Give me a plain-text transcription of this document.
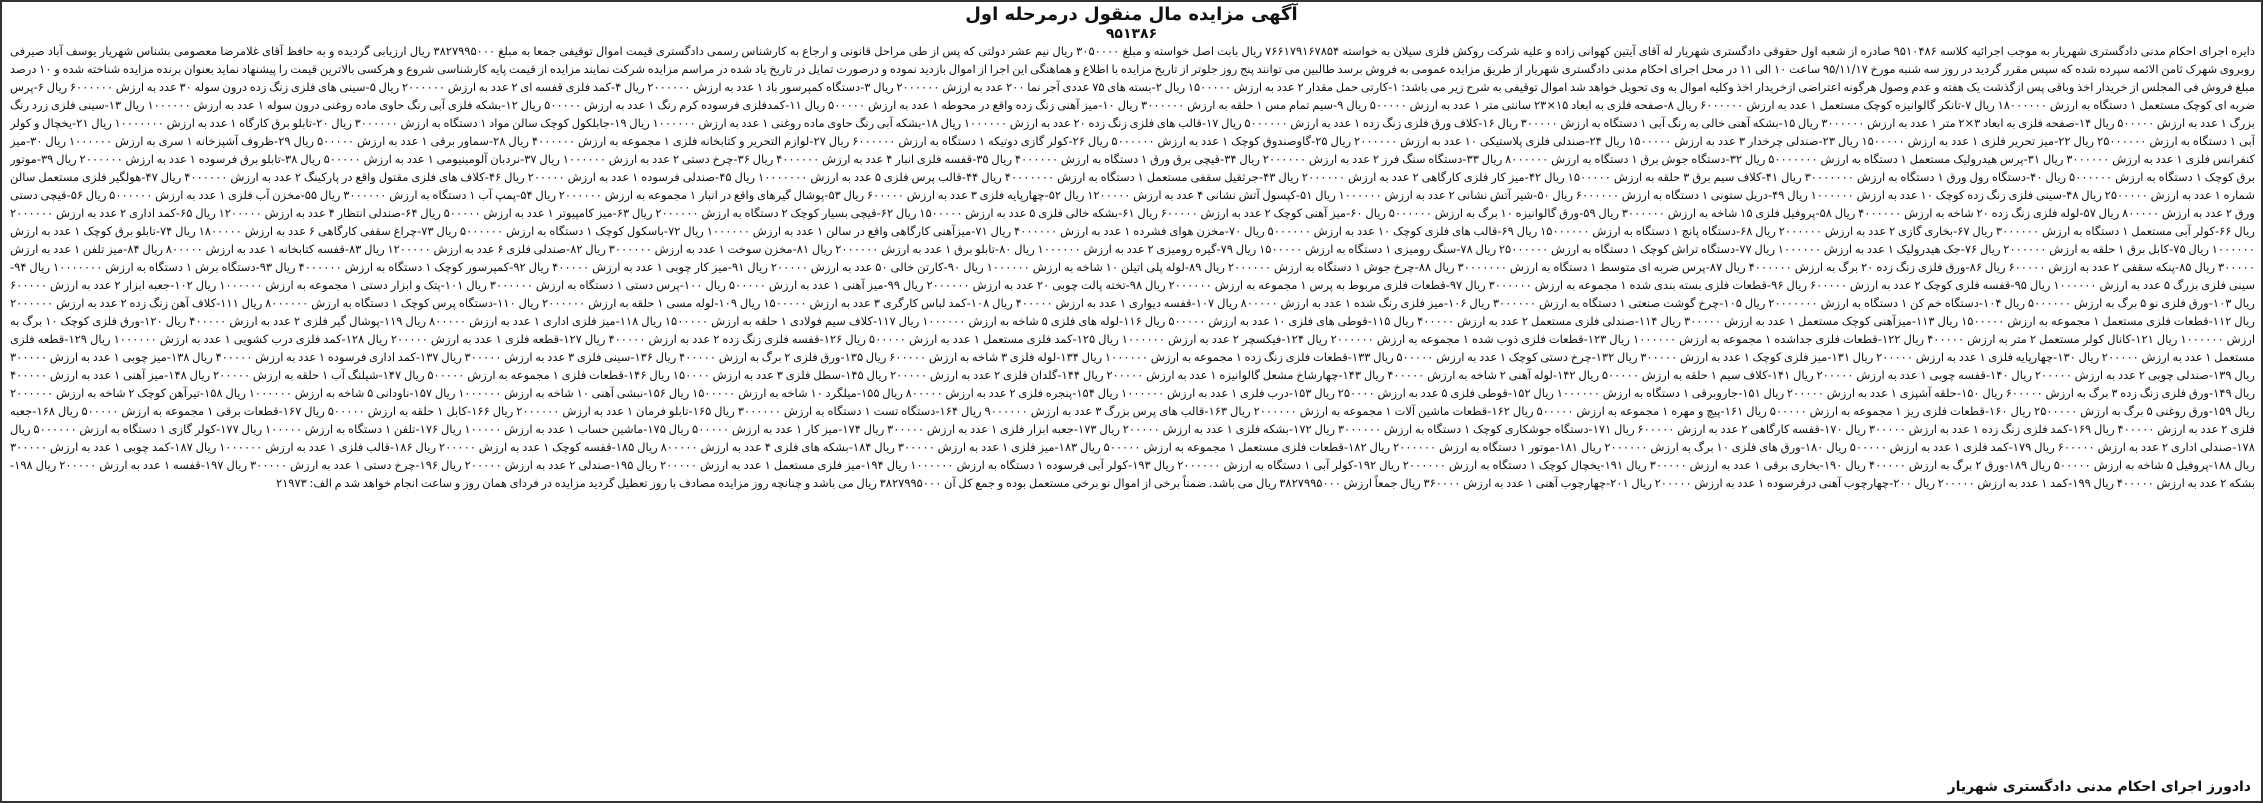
آگهی مزایده مال منقول درمرحله اول
۹۵۱۳۸۶
دایره اجرای احکام مدنی دادگستری شهریار به موجب اجرائیه کلاسه ۹۵۱۰۴۸۶ صادره از شعبه اول حقوقی دادگستری شهریار له آقای آیتین کهوانی زاده و علیه شرکت روکش فلزی سیلان به خواسته ۷۶۶۱۷۹۱۶۷۸۵۴ ریال بابت اصل خواسته و مبلغ ۳۰۵۰۰۰۰ ریال نیم عشر دولتی که پس از طی مراحل قانونی و ارجاع به کارشناس رسمی دادگستری قیمت اموال توقیفی جمعا به مبلغ ۳۸۲۷۹۹۵۰۰۰ ریال ارزیابی گردیده و به حافظ آقای غلامرضا معصومی بشناس شهریار یوسف آباد صیرفی روبروی شهرک ثامن الائمه سپرده شده که سپس مقرر گردید در روز سه شنبه مورخ ۹۵/۱۱/۱۷ ساعت ۱۰ الی ۱۱ در محل اجرای احکام مدنی دادگستری شهریار از طریق مزایده عمومی به فروش برسد طالبین می توانند پنج روز جلوتر از تاریخ مزایده با اطلاع و هماهنگی این اجرا از اموال بازدید نموده و درصورت تمایل در تاریخ یاد شده در مراسم مزایده شرکت نمایند مزایده از قیمت پایه کارشناسی شروع و هرکسی بالاترین قیمت را پیشنهاد نماید بعنوان برنده مزایده شناخته شده و ۱۰ درصد مبلغ فروش فی المجلس از خریدار اخذ وباقی پس ازگذشت یک هفته و عدم وصول هرگونه اعتراضی ازخریدار اخذ وکلیه اموال به وی تحویل خواهد شد اموال توقیفی به شرح زیر می باشد: ۱-کارتی حمل مقدار ۲ عدد به ارزش ۱۵۰۰۰۰۰ ریال ۲-بسته های ۷۵ عددی آجر نما ۲۰۰ عدد به ارزش ۲۰۰۰۰۰۰ ریال ۳-دستگاه کمپرسور باد ۱ عدد به ارزش ۲۰۰۰۰۰۰ ریال ۴-کمد فلزی قفسه ای ۲ عدد به ارزش ۲۰۰۰۰۰۰ ریال ۵-سینی های فلزی زنگ زده درون سوله ۳۰ عدد به ارزش ۶۰۰۰۰۰۰ ریال ۶-پرس ضربه ای کوچک مستعمل ۱ دستگاه به ارزش ۱۸۰۰۰۰۰۰ ریال ۷-تانکر گالوانیزه کوچک مستعمل ۱ عدد به ارزش ۶۰۰۰۰۰۰ ریال ۸-صفحه فلزی به ابعاد ۱۵×۲۳ سانتی متر ۱ عدد به ارزش ۵۰۰۰۰۰ ریال ۹-سیم تمام مس ۱ حلقه به ارزش ۳۰۰۰۰۰۰ ریال ۱۰-میز آهنی زنگ زده واقع در محوطه ۱ عدد به ارزش ۵۰۰۰۰۰ ریال ۱۱-کمدفلزی فرسوده کرم رنگ ۱ عدد به ارزش ۵۰۰۰۰۰ ریال ۱۲-بشکه فلزی آبی رنگ حاوی ماده روغنی درون سوله ۱ عدد به ارزش ۱۰۰۰۰۰۰ ریال ۱۳-سینی فلزی زرد رنگ بزرگ ۱ عدد به ارزش ۵۰۰۰۰۰ ریال ۱۴-صفحه فلزی به ابعاد ۳×۲ متر ۱ عدد به ارزش ۳۰۰۰۰۰۰ ریال ۱۵-بشکه آهنی خالی به رنگ آبی ۱ دستگاه به ارزش ۳۰۰۰۰۰ ریال ۱۶-کلاف ورق فلزی زنگ زده ۱ عدد به ارزش ۵۰۰۰۰۰۰ ریال ۱۷-قالب های فلزی زنگ زده ۲۰ عدد به ارزش ۱۰۰۰۰۰۰ ریال ۱۸-بشکه آبی رنگ حاوی ماده روغنی ۱ عدد به ارزش ۱۰۰۰۰۰۰ ریال ۱۹-جابلکول کوچک سالن مواد ۱ دستگاه به ارزش ۳۰۰۰۰۰۰ ریال ۲۰-تابلو برق کارگاه ۱ عدد به ارزش ۱۰۰۰۰۰۰۰ ریال ۲۱-یخچال و کولر آبی ۱ دستگاه به ارزش ۲۵۰۰۰۰۰۰ ریال ۲۲-میز تحریر فلزی ۱ عدد به ارزش ۱۵۰۰۰۰۰ ریال ۲۳-صندلی چرخدار ۳ عدد به ارزش ۱۵۰۰۰۰۰ ریال ۲۴-صندلی فلزی پلاستیکی ۱۰ عدد به ارزش ۲۰۰۰۰۰۰ ریال ۲۵-گاوصندوق کوچک ۱ عدد به ارزش ۵۰۰۰۰۰۰ ریال ۲۶-کولر گازی دوتیکه ۱ دستگاه به ارزش ۶۰۰۰۰۰۰ ریال ۲۷-لوازم التحریر و کتابخانه فلزی ۱ مجموعه به ارزش ۴۰۰۰۰۰۰ ریال ۲۸-سماور برقی ۱ عدد به ارزش ۵۰۰۰۰۰ ریال ۲۹-ظروف آشپزخانه ۱ سری به ارزش ۱۰۰۰۰۰۰ ریال ۳۰-میز کنفرانس فلزی ۱ عدد به ارزش ۳۰۰۰۰۰۰ ریال ۳۱-پرس هیدرولیک مستعمل ۱ دستگاه به ارزش ۵۰۰۰۰۰۰۰ ریال ۳۲-دستگاه جوش برق ۱ دستگاه به ارزش ۸۰۰۰۰۰۰ ریال ۳۳-دستگاه سنگ فرز ۲ عدد به ارزش ۲۰۰۰۰۰۰ ریال ۳۴-قیچی برق ورق ۱ دستگاه به ارزش ۴۰۰۰۰۰۰ ریال ۳۵-قفسه فلزی انبار ۴ عدد به ارزش ۴۰۰۰۰۰۰ ریال ۳۶-چرخ دستی ۲ عدد به ارزش ۱۰۰۰۰۰۰ ریال ۳۷-نردبان آلومینیومی ۱ عدد به ارزش ۵۰۰۰۰۰ ریال ۳۸-تابلو برق فرسوده ۱ عدد به ارزش ۲۰۰۰۰۰۰ ریال ۳۹-موتور برق کوچک ۱ دستگاه به ارزش ۵۰۰۰۰۰۰ ریال ۴۰-دستگاه رول ورق ۱ دستگاه به ارزش ۳۰۰۰۰۰۰۰ ریال ۴۱-کلاف سیم برق ۳ حلقه به ارزش ۱۵۰۰۰۰۰ ریال ۴۲-میز کار فلزی کارگاهی ۲ عدد به ارزش ۲۰۰۰۰۰۰ ریال ۴۳-جرثقیل سقفی مستعمل ۱ دستگاه به ارزش ۴۰۰۰۰۰۰۰ ریال ۴۴-قالب پرس فلزی ۵ عدد به ارزش ۱۰۰۰۰۰۰۰ ریال ۴۵-صندلی فرسوده ۱ عدد به ارزش ۲۰۰۰۰۰ ریال ۴۶-کلاف های فلزی مقتول واقع در پارکینگ ۲ عدد به ارزش ۴۰۰۰۰۰۰ ریال ۴۷-هولگیر فلزی مستعمل سالن شماره ۱ عدد به ارزش ۲۵۰۰۰۰۰ ریال ۴۸-سینی فلزی زنگ زده کوچک ۱۰ عدد به ارزش ۱۰۰۰۰۰۰ ریال ۴۹-دریل ستونی ۱ دستگاه به ارزش ۶۰۰۰۰۰۰ ریال ۵۰-شیر آتش نشانی ۲ عدد به ارزش ۱۰۰۰۰۰۰ ریال ۵۱-کپسول آتش نشانی ۴ عدد به ارزش ۱۲۰۰۰۰۰ ریال ۵۲-چهارپایه فلزی ۳ عدد به ارزش ۶۰۰۰۰۰ ریال ۵۳-پوشال گیرهای واقع در انبار ۱ مجموعه به ارزش ۲۰۰۰۰۰۰ ریال ۵۴-پمپ آب ۱ دستگاه به ارزش ۳۰۰۰۰۰۰ ریال ۵۵-مخزن آب فلزی ۱ عدد به ارزش ۵۰۰۰۰۰۰ ریال ۵۶-قیچی دستی ورق ۲ عدد به ارزش ۸۰۰۰۰۰ ریال ۵۷-لوله فلزی زنگ زده ۲۰ شاخه به ارزش ۴۰۰۰۰۰۰ ریال ۵۸-پروفیل فلزی ۱۵ شاخه به ارزش ۳۰۰۰۰۰۰ ریال ۵۹-ورق گالوانیزه ۱۰ برگ به ارزش ۵۰۰۰۰۰۰ ریال ۶۰-میز آهنی کوچک ۲ عدد به ارزش ۶۰۰۰۰۰ ریال ۶۱-بشکه خالی فلزی ۵ عدد به ارزش ۱۵۰۰۰۰۰ ریال ۶۲-قیچی بسیار کوچک ۲ دستگاه به ارزش ۲۰۰۰۰۰۰ ریال ۶۳-میز کامپیوتر ۱ عدد به ارزش ۵۰۰۰۰۰ ریال ۶۴-صندلی انتظار ۴ عدد به ارزش ۱۲۰۰۰۰۰ ریال ۶۵-کمد اداری ۲ عدد به ارزش ۲۰۰۰۰۰۰ ریال ۶۶-کولر آبی مستعمل ۱ دستگاه به ارزش ۳۰۰۰۰۰۰ ریال ۶۷-بخاری گازی ۲ عدد به ارزش ۲۰۰۰۰۰۰ ریال ۶۸-دستگاه پانچ ۱ دستگاه به ارزش ۱۵۰۰۰۰۰۰ ریال ۶۹-قالب های فلزی کوچک ۱۰ عدد به ارزش ۵۰۰۰۰۰۰ ریال ۷۰-مخزن هوای فشرده ۱ عدد به ارزش ۴۰۰۰۰۰۰ ریال ۷۱-میزآهنی کارگاهی واقع در سالن ۱ عدد به ارزش ۱۰۰۰۰۰۰ ریال ۷۲-باسکول کوچک ۱ دستگاه به ارزش ۵۰۰۰۰۰۰ ریال ۷۳-چراغ سقفی کارگاهی ۶ عدد به ارزش ۱۸۰۰۰۰۰ ریال ۷۴-تابلو برق کوچک ۱ عدد به ارزش ۱۰۰۰۰۰۰ ریال ۷۵-کابل برق ۱ حلقه به ارزش ۲۰۰۰۰۰۰ ریال ۷۶-جک هیدرولیک ۱ عدد به ارزش ۱۰۰۰۰۰۰ ریال ۷۷-دستگاه تراش کوچک ۱ دستگاه به ارزش ۲۵۰۰۰۰۰۰ ریال ۷۸-سنگ رومیزی ۱ دستگاه به ارزش ۱۵۰۰۰۰۰ ریال ۷۹-گیره رومیزی ۲ عدد به ارزش ۱۰۰۰۰۰۰ ریال ۸۰-تابلو برق ۱ عدد به ارزش ۲۰۰۰۰۰۰ ریال ۸۱-مخزن سوخت ۱ عدد به ارزش ۳۰۰۰۰۰۰ ریال ۸۲-صندلی فلزی ۶ عدد به ارزش ۱۲۰۰۰۰۰ ریال ۸۳-قفسه کتابخانه ۱ عدد به ارزش ۸۰۰۰۰۰ ریال ۸۴-میز تلفن ۱ عدد به ارزش ۳۰۰۰۰۰ ریال ۸۵-پنکه سقفی ۲ عدد به ارزش ۶۰۰۰۰۰ ریال ۸۶-ورق فلزی زنگ زده ۲۰ برگ به ارزش ۴۰۰۰۰۰۰ ریال ۸۷-پرس ضربه ای متوسط ۱ دستگاه به ارزش ۳۰۰۰۰۰۰۰ ریال ۸۸-چرخ جوش ۱ دستگاه به ارزش ۲۰۰۰۰۰۰ ریال ۸۹-لوله پلی اتیلن ۱۰ شاخه به ارزش ۱۰۰۰۰۰۰ ریال ۹۰-کارتن خالی ۵۰ عدد به ارزش ۲۰۰۰۰۰ ریال ۹۱-میز کار چوبی ۱ عدد به ارزش ۴۰۰۰۰۰ ریال ۹۲-کمپرسور کوچک ۱ دستگاه به ارزش ۴۰۰۰۰۰۰ ریال ۹۳-دستگاه برش ۱ دستگاه به ارزش ۱۰۰۰۰۰۰۰ ریال ۹۴-سینی فلزی بزرگ ۵ عدد به ارزش ۱۰۰۰۰۰۰ ریال ۹۵-قفسه فلزی کوچک ۲ عدد به ارزش ۶۰۰۰۰۰ ریال ۹۶-قطعات فلزی بسته بندی شده ۱ مجموعه به ارزش ۳۰۰۰۰۰۰ ریال ۹۷-قطعات فلزی مربوط به پرس ۱ مجموعه به ارزش ۲۰۰۰۰۰۰ ریال ۹۸-تخته پالت چوبی ۲۰ عدد به ارزش ۲۰۰۰۰۰۰ ریال ۹۹-میز آهنی ۱ عدد به ارزش ۵۰۰۰۰۰ ریال ۱۰۰-پرس دستی ۱ دستگاه به ارزش ۳۰۰۰۰۰۰ ریال ۱۰۱-پتک و ابزار دستی ۱ مجموعه به ارزش ۱۰۰۰۰۰۰ ریال ۱۰۲-جعبه ابزار ۲ عدد به ارزش ۶۰۰۰۰۰ ریال ۱۰۳-ورق فلزی نو ۵ برگ به ارزش ۵۰۰۰۰۰۰ ریال ۱۰۴-دستگاه خم کن ۱ دستگاه به ارزش ۲۰۰۰۰۰۰۰ ریال ۱۰۵-چرخ گوشت صنعتی ۱ دستگاه به ارزش ۳۰۰۰۰۰۰ ریال ۱۰۶-میز فلزی رنگ شده ۱ عدد به ارزش ۸۰۰۰۰۰ ریال ۱۰۷-قفسه دیواری ۱ عدد به ارزش ۴۰۰۰۰۰ ریال ۱۰۸-کمد لباس کارگری ۳ عدد به ارزش ۱۵۰۰۰۰۰ ریال ۱۰۹-لوله مسی ۱ حلقه به ارزش ۲۰۰۰۰۰۰ ریال ۱۱۰-دستگاه پرس کوچک ۱ دستگاه به ارزش ۸۰۰۰۰۰۰ ریال ۱۱۱-کلاف آهن زنگ زده ۲ عدد به ارزش ۲۰۰۰۰۰۰ ریال ۱۱۲-قطعات فلزی مستعمل ۱ مجموعه به ارزش ۱۵۰۰۰۰۰ ریال ۱۱۳-میزآهنی کوچک مستعمل ۱ عدد به ارزش ۳۰۰۰۰۰ ریال ۱۱۴-صندلی فلزی مستعمل ۲ عدد به ارزش ۴۰۰۰۰۰ ریال ۱۱۵-قوطی های فلزی ۱۰ عدد به ارزش ۵۰۰۰۰۰ ریال ۱۱۶-لوله های فلزی ۵ شاخه به ارزش ۱۰۰۰۰۰۰ ریال ۱۱۷-کلاف سیم فولادی ۱ حلقه به ارزش ۱۵۰۰۰۰۰ ریال ۱۱۸-میز فلزی اداری ۱ عدد به ارزش ۸۰۰۰۰۰ ریال ۱۱۹-پوشال گیر فلزی ۲ عدد به ارزش ۴۰۰۰۰۰ ریال ۱۲۰-ورق فلزی کوچک ۱۰ برگ به ارزش ۱۰۰۰۰۰۰ ریال ۱۲۱-کانال کولر مستعمل ۲ متر به ارزش ۴۰۰۰۰۰ ریال ۱۲۲-قطعات فلزی جداشده ۱ مجموعه به ارزش ۱۰۰۰۰۰۰ ریال ۱۲۳-قطعات فلزی ذوب شده ۱ مجموعه به ارزش ۲۰۰۰۰۰۰ ریال ۱۲۴-فیکسچر ۲ عدد به ارزش ۱۰۰۰۰۰۰ ریال ۱۲۵-کمد فلزی مستعمل ۱ عدد به ارزش ۵۰۰۰۰۰ ریال ۱۲۶-قفسه فلزی زنگ زده ۲ عدد به ارزش ۴۰۰۰۰۰ ریال ۱۲۷-قطعه فلزی ۱ عدد به ارزش ۲۰۰۰۰۰ ریال ۱۲۸-کمد فلزی درب کشویی ۱ عدد به ارزش ۱۰۰۰۰۰۰ ریال ۱۲۹-قطعه فلزی مستعمل ۱ عدد به ارزش ۲۰۰۰۰۰ ریال ۱۳۰-چهارپایه فلزی ۱ عدد به ارزش ۲۰۰۰۰۰ ریال ۱۳۱-میز فلزی کوچک ۱ عدد به ارزش ۳۰۰۰۰۰ ریال ۱۳۲-چرخ دستی کوچک ۱ عدد به ارزش ۵۰۰۰۰۰ ریال ۱۳۳-قطعات فلزی زنگ زده ۱ مجموعه به ارزش ۱۰۰۰۰۰۰ ریال ۱۳۴-لوله فلزی ۳ شاخه به ارزش ۶۰۰۰۰۰ ریال ۱۳۵-ورق فلزی ۲ برگ به ارزش ۴۰۰۰۰۰ ریال ۱۳۶-سینی فلزی ۳ عدد به ارزش ۳۰۰۰۰۰ ریال ۱۳۷-کمد اداری فرسوده ۱ عدد به ارزش ۴۰۰۰۰۰ ریال ۱۳۸-میز چوبی ۱ عدد به ارزش ۳۰۰۰۰۰ ریال ۱۳۹-صندلی چوبی ۲ عدد به ارزش ۲۰۰۰۰۰ ریال ۱۴۰-قفسه چوبی ۱ عدد به ارزش ۲۰۰۰۰۰ ریال ۱۴۱-کلاف سیم ۱ حلقه به ارزش ۵۰۰۰۰۰ ریال ۱۴۲-لوله آهنی ۲ شاخه به ارزش ۴۰۰۰۰۰ ریال ۱۴۳-چهارشاخ مشعل گالوانیزه ۱ عدد به ارزش ۲۰۰۰۰۰ ریال ۱۴۴-گلدان فلزی ۲ عدد به ارزش ۲۰۰۰۰۰ ریال ۱۴۵-سطل فلزی ۳ عدد به ارزش ۱۵۰۰۰۰ ریال ۱۴۶-قطعات فلزی ۱ مجموعه به ارزش ۵۰۰۰۰۰ ریال ۱۴۷-شیلنگ آب ۱ حلقه به ارزش ۲۰۰۰۰۰ ریال ۱۴۸-میز آهنی ۱ عدد به ارزش ۴۰۰۰۰۰ ریال ۱۴۹-ورق فلزی زنگ زده ۳ برگ به ارزش ۶۰۰۰۰۰ ریال ۱۵۰-حلقه آشپزی ۱ عدد به ارزش ۲۰۰۰۰۰ ریال ۱۵۱-جاروبرقی ۱ دستگاه به ارزش ۱۰۰۰۰۰۰ ریال ۱۵۲-قوطی فلزی ۵ عدد به ارزش ۲۵۰۰۰۰ ریال ۱۵۳-درب فلزی ۱ عدد به ارزش ۱۰۰۰۰۰۰ ریال ۱۵۴-پنجره فلزی ۲ عدد به ارزش ۸۰۰۰۰۰ ریال ۱۵۵-میلگرد ۱۰ شاخه به ارزش ۱۵۰۰۰۰۰ ریال ۱۵۶-نبشی آهنی ۱۰ شاخه به ارزش ۱۰۰۰۰۰۰ ریال ۱۵۷-ناودانی ۵ شاخه به ارزش ۱۰۰۰۰۰۰ ریال ۱۵۸-تیرآهن کوچک ۲ شاخه به ارزش ۲۰۰۰۰۰۰ ریال ۱۵۹-ورق روغنی ۵ برگ به ارزش ۲۵۰۰۰۰۰ ریال ۱۶۰-قطعات فلزی ریز ۱ مجموعه به ارزش ۵۰۰۰۰۰ ریال ۱۶۱-پیچ و مهره ۱ مجموعه به ارزش ۵۰۰۰۰۰ ریال ۱۶۲-قطعات ماشین آلات ۱ مجموعه به ارزش ۲۰۰۰۰۰۰ ریال ۱۶۳-قالب های پرس بزرگ ۳ عدد به ارزش ۹۰۰۰۰۰۰ ریال ۱۶۴-دستگاه تست ۱ دستگاه به ارزش ۳۰۰۰۰۰۰ ریال ۱۶۵-تابلو فرمان ۱ عدد به ارزش ۲۰۰۰۰۰۰ ریال ۱۶۶-کابل ۱ حلقه به ارزش ۵۰۰۰۰۰ ریال ۱۶۷-قطعات برقی ۱ مجموعه به ارزش ۵۰۰۰۰۰ ریال ۱۶۸-جعبه فلزی ۲ عدد به ارزش ۴۰۰۰۰۰ ریال ۱۶۹-کمد فلزی زنگ زده ۱ عدد به ارزش ۳۰۰۰۰۰ ریال ۱۷۰-قفسه کارگاهی ۲ عدد به ارزش ۶۰۰۰۰۰ ریال ۱۷۱-دستگاه جوشکاری کوچک ۱ دستگاه به ارزش ۳۰۰۰۰۰۰ ریال ۱۷۲-بشکه فلزی ۱ عدد به ارزش ۲۰۰۰۰۰ ریال ۱۷۳-جعبه ابزار فلزی ۱ عدد به ارزش ۳۰۰۰۰۰ ریال ۱۷۴-میز کار ۱ عدد به ارزش ۵۰۰۰۰۰ ریال ۱۷۵-ماشین حساب ۱ عدد به ارزش ۱۰۰۰۰۰ ریال ۱۷۶-تلفن ۱ دستگاه به ارزش ۱۰۰۰۰۰ ریال ۱۷۷-کولر گازی ۱ دستگاه به ارزش ۵۰۰۰۰۰۰ ریال ۱۷۸-صندلی اداری ۲ عدد به ارزش ۶۰۰۰۰۰ ریال ۱۷۹-کمد فلزی ۱ عدد به ارزش ۵۰۰۰۰۰ ریال ۱۸۰-ورق های فلزی ۱۰ برگ به ارزش ۲۰۰۰۰۰۰ ریال ۱۸۱-موتور ۱ دستگاه به ارزش ۲۰۰۰۰۰۰ ریال ۱۸۲-قطعات فلزی مستعمل ۱ مجموعه به ارزش ۵۰۰۰۰۰ ریال ۱۸۳-میز فلزی ۱ عدد به ارزش ۳۰۰۰۰۰ ریال ۱۸۴-بشکه های فلزی ۴ عدد به ارزش ۸۰۰۰۰۰ ریال ۱۸۵-قفسه کوچک ۱ عدد به ارزش ۲۰۰۰۰۰ ریال ۱۸۶-قالب فلزی ۱ عدد به ارزش ۱۰۰۰۰۰۰ ریال ۱۸۷-کمد چوبی ۱ عدد به ارزش ۳۰۰۰۰۰ ریال ۱۸۸-پروفیل ۵ شاخه به ارزش ۵۰۰۰۰۰ ریال ۱۸۹-ورق ۲ برگ به ارزش ۴۰۰۰۰۰ ریال ۱۹۰-بخاری برقی ۱ عدد به ارزش ۳۰۰۰۰۰ ریال ۱۹۱-یخچال کوچک ۱ دستگاه به ارزش ۲۰۰۰۰۰۰ ریال ۱۹۲-کولر آبی ۱ دستگاه به ارزش ۲۰۰۰۰۰۰ ریال ۱۹۳-کولر آبی فرسوده ۱ دستگاه به ارزش ۱۰۰۰۰۰۰ ریال ۱۹۴-میز فلزی مستعمل ۱ عدد به ارزش ۲۰۰۰۰۰ ریال ۱۹۵-صندلی ۲ عدد به ارزش ۲۰۰۰۰۰ ریال ۱۹۶-چرخ دستی ۱ عدد به ارزش ۳۰۰۰۰۰ ریال ۱۹۷-قفسه ۱ عدد به ارزش ۲۰۰۰۰۰ ریال ۱۹۸-بشکه ۲ عدد به ارزش ۴۰۰۰۰۰ ریال ۱۹۹-کمد ۱ عدد به ارزش ۲۰۰۰۰۰ ریال ۲۰۰-چهارچوب آهنی درفرسوده ۱ عدد به ارزش ۲۰۰۰۰۰ ریال ۲۰۱-چهارچوب آهنی ۱ عدد به ارزش ۳۶۰۰۰۰ ریال جمعاً ارزش ۳۸۲۷۹۹۵۰۰۰ ریال می باشد. ضمناً برخی از اموال نو برخی مستعمل بوده و جمع کل آن ۳۸۲۷۹۹۵۰۰۰ ریال می باشد و چنانچه روز مزایده مصادف با روز تعطیل گردید مزایده در فردای همان روز و ساعت انجام خواهد شد م الف: ۲۱۹۷۳
دادورز اجرای احکام مدنی دادگستری شهریار
